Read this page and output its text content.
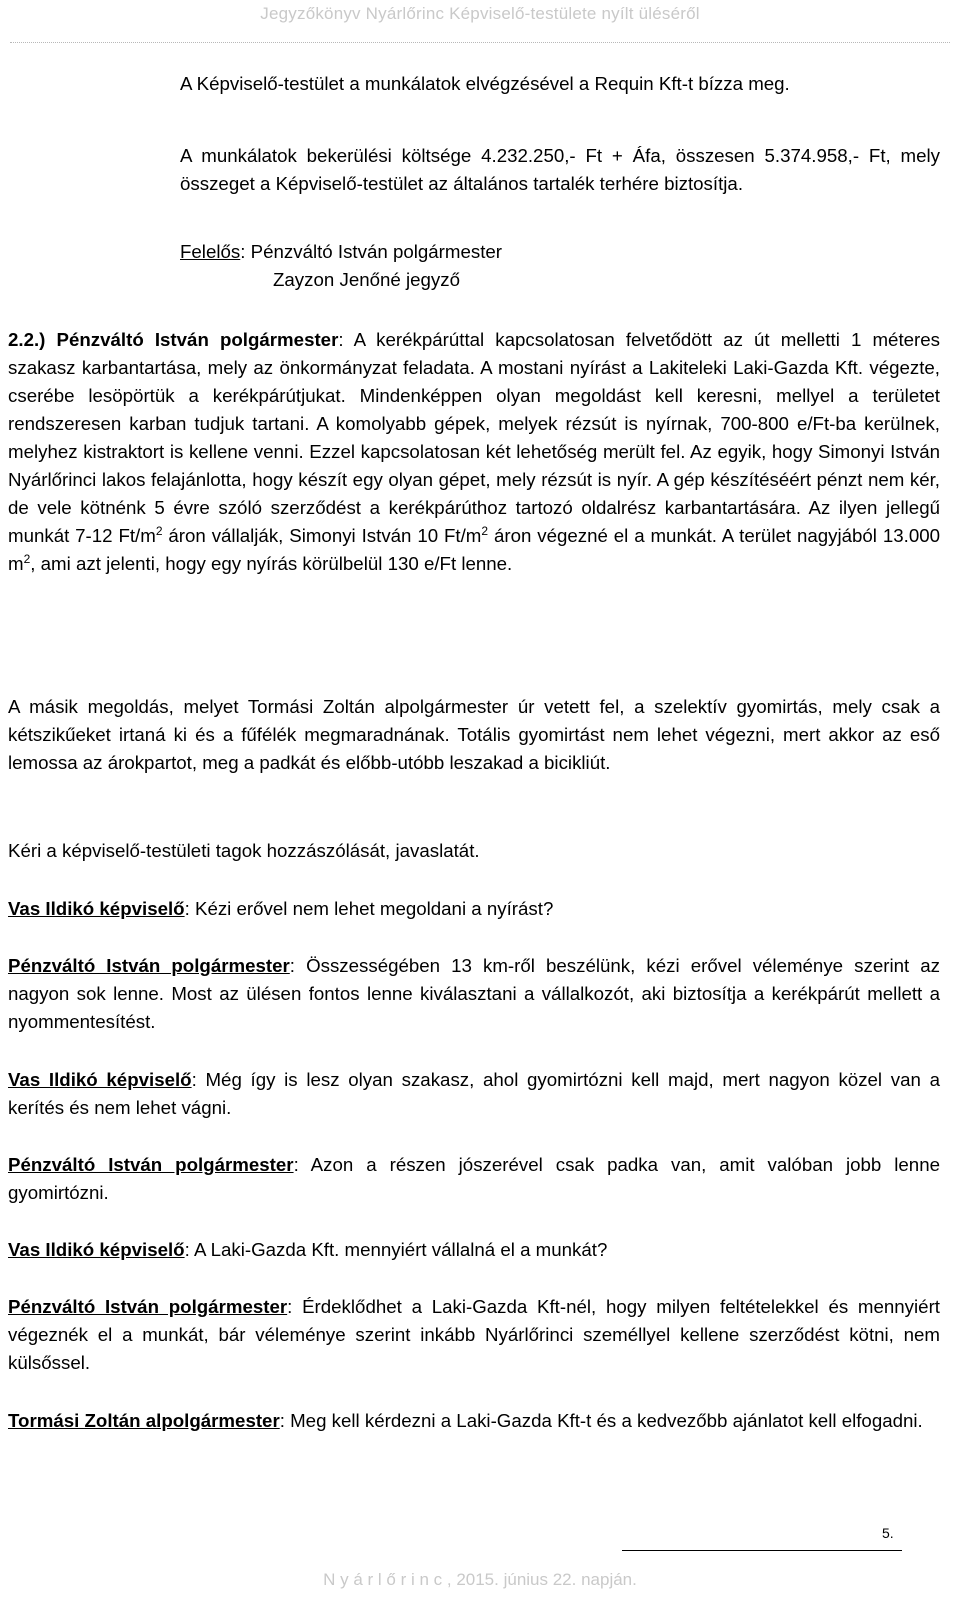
Jegyzőkönyv Nyárlőrinc Képviselő-testülete nyílt üléséről

A Képviselő-testület a munkálatok elvégzésével a Requin Kft-t bízza meg.

A munkálatok bekerülési költsége 4.232.250,- Ft + Áfa, összesen 5.374.958,- Ft, mely összeget a Képviselő-testület az általános tartalék terhére biztosítja.

Felelős: Pénzváltó István polgármester

Zayzon Jenőné jegyző

2.2.) Pénzváltó István polgármester: A kerékpárúttal kapcsolatosan felvetődött az út melletti 1 méteres szakasz karbantartása, mely az önkormányzat feladata. A mostani nyírást a Lakiteleki Laki-Gazda Kft. végezte, cserébe lesöpörtük a kerékpárútjukat. Mindenképpen olyan megoldást kell keresni, mellyel a területet rendszeresen karban tudjuk tartani. A komolyabb gépek, melyek rézsút is nyírnak, 700-800 e/Ft-ba kerülnek, melyhez kistraktort is kellene venni. Ezzel kapcsolatosan két lehetőség merült fel. Az egyik, hogy Simonyi István Nyárlőrinci lakos felajánlotta, hogy készít egy olyan gépet, mely rézsút is nyír. A gép készítéséért pénzt nem kér, de vele kötnénk 5 évre szóló szerződést a kerékpárúthoz tartozó oldalrész karbantartására. Az ilyen jellegű munkát 7-12 $Ft/m^2$ áron vállalják, Simonyi István 10 $Ft/m^2$ áron végezné el a munkát. A terület nagyjából 13.000 $m^2$, ami azt jelenti, hogy egy nyírás körülbelül 130 e/Ft lenne.

A másik megoldás, melyet Tormási Zoltán alpolgármester úr vetett fel, a szelektív gyomirtás, mely csak a kétszikűeket irtaná ki és a fűfélék megmaradnának. Totális gyomirtást nem lehet végezni, mert akkor az eső lemossa az árokpartot, meg a padkát és előbb-utóbb leszakad a bicikliút.

Kéri a képviselő-testületi tagok hozzászólását, javaslatát.

Vas Ildikó képviselő: Kézi erővel nem lehet megoldani a nyírást?

Pénzváltó István polgármester: Összességében 13 km-ről beszélünk, kézi erővel véleménye szerint az nagyon sok lenne. Most az ülésen fontos lenne kiválasztani a vállalkozót, aki biztosítja a kerékpárút mellett a nyommentesítést.

Vas Ildikó képviselő: Még így is lesz olyan szakasz, ahol gyomirtózni kell majd, mert nagyon közel van a kerítés és nem lehet vágni.

Pénzváltó István polgármester: Azon a részen jószerével csak padka van, amit valóban jobb lenne gyomirtózni.

Vas Ildikó képviselő: A Laki-Gazda Kft. mennyiért vállalná el a munkát?

Pénzváltó István polgármester: Érdeklődhet a Laki-Gazda Kft-nél, hogy milyen feltételekkel és mennyiért végeznék el a munkát, bár véleménye szerint inkább Nyárlőrinci személlyel kellene szerződést kötni, nem külsőssel.

Tormási Zoltán alpolgármester: Meg kell kérdezni a Laki-Gazda Kft-t és a kedvezőbb ajánlatot kell elfogadni.

5.
N y á r l ő r i n c , 2015. június 22. napján.
